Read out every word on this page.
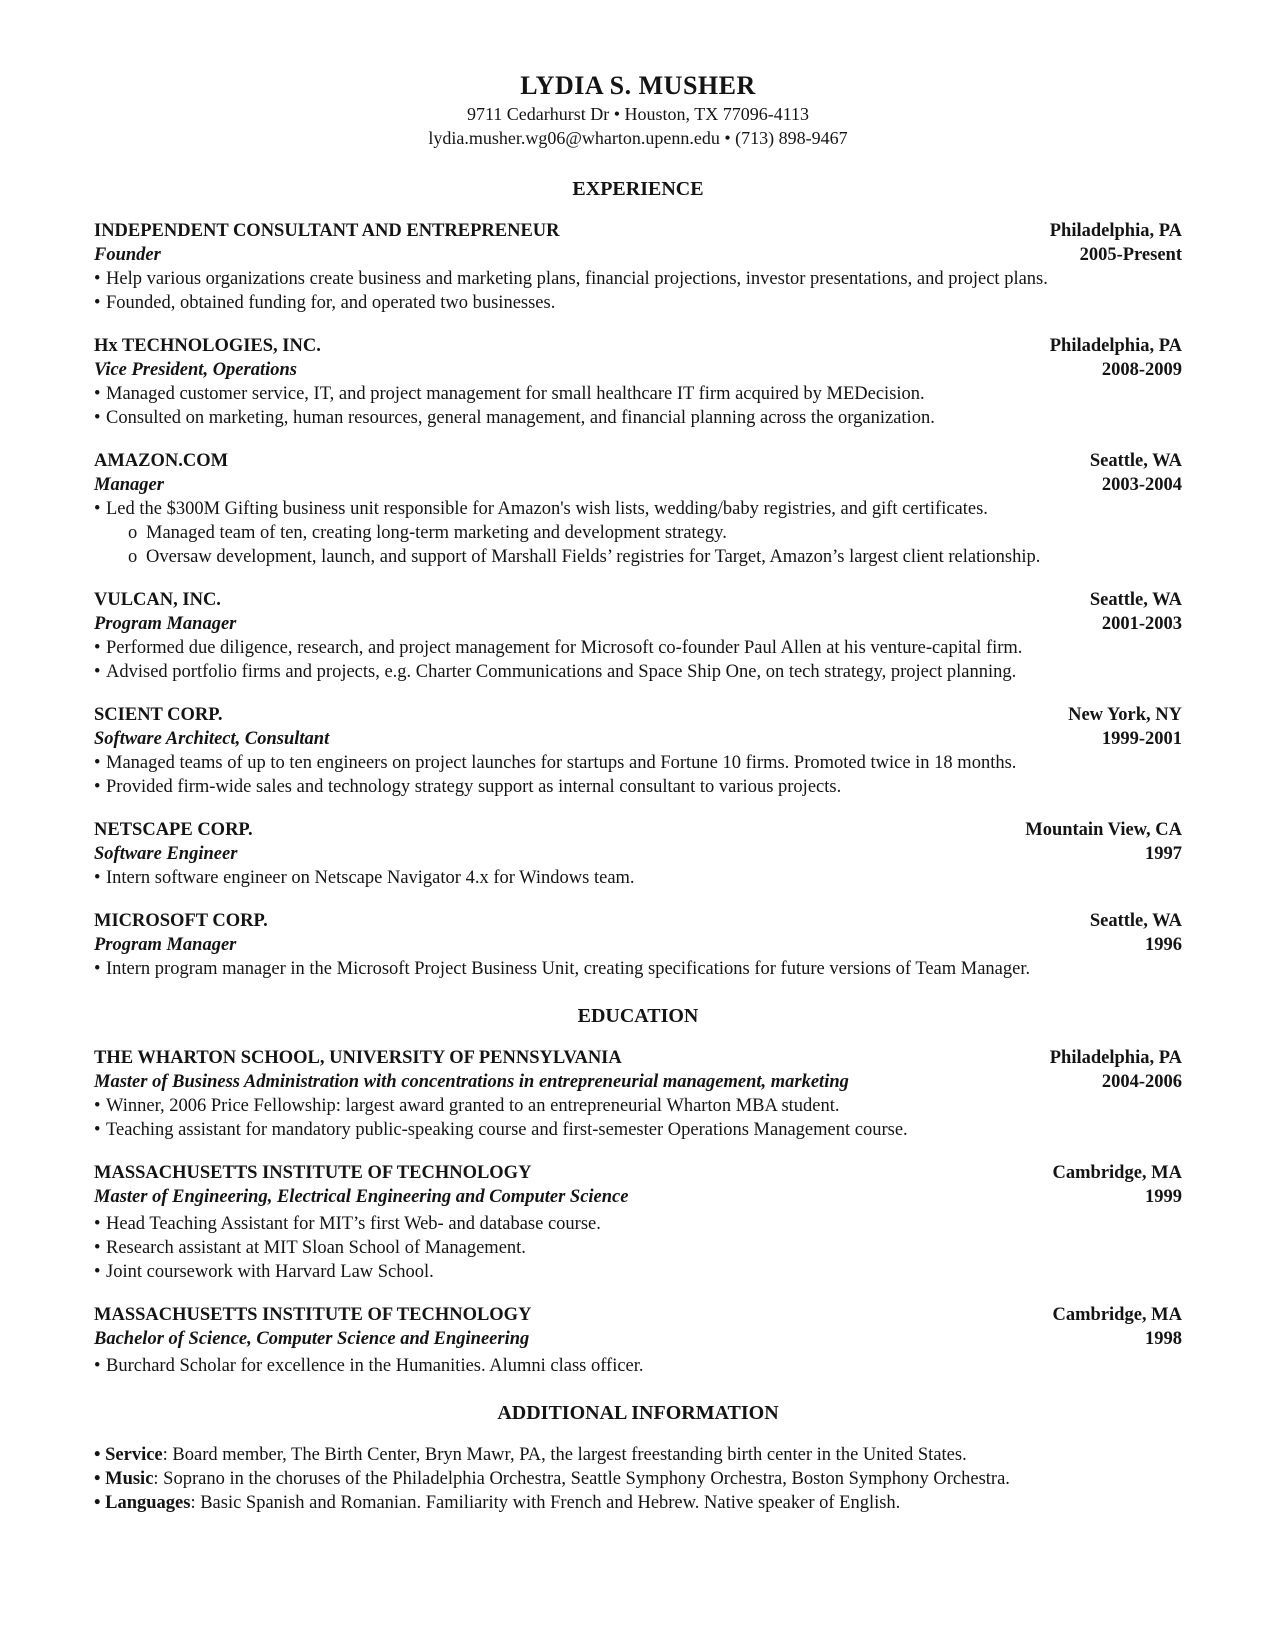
LYDIA S. MUSHER
9711 Cedarhurst Dr • Houston, TX 77096-4113
lydia.musher.wg06@wharton.upenn.edu • (713) 898-9467
EXPERIENCE
INDEPENDENT CONSULTANT AND ENTREPRENEUR	Philadelphia, PA
Founder	2005-Present
• Help various organizations create business and marketing plans, financial projections, investor presentations, and project plans.
• Founded, obtained funding for, and operated two businesses.
Hx TECHNOLOGIES, INC.	Philadelphia, PA
Vice President, Operations	2008-2009
• Managed customer service, IT, and project management for small healthcare IT firm acquired by MEDecision.
• Consulted on marketing, human resources, general management, and financial planning across the organization.
AMAZON.COM	Seattle, WA
Manager	2003-2004
• Led the $300M Gifting business unit responsible for Amazon's wish lists, wedding/baby registries, and gift certificates.
o Managed team of ten, creating long-term marketing and development strategy.
o Oversaw development, launch, and support of Marshall Fields’ registries for Target, Amazon’s largest client relationship.
VULCAN, INC.	Seattle, WA
Program Manager	2001-2003
• Performed due diligence, research, and project management for Microsoft co-founder Paul Allen at his venture-capital firm.
• Advised portfolio firms and projects, e.g. Charter Communications and Space Ship One, on tech strategy, project planning.
SCIENT CORP.	New York, NY
Software Architect, Consultant	1999-2001
• Managed teams of up to ten engineers on project launches for startups and Fortune 10 firms. Promoted twice in 18 months.
• Provided firm-wide sales and technology strategy support as internal consultant to various projects.
NETSCAPE CORP.	Mountain View, CA
Software Engineer	1997
• Intern software engineer on Netscape Navigator 4.x for Windows team.
MICROSOFT CORP.	Seattle, WA
Program Manager	1996
• Intern program manager in the Microsoft Project Business Unit, creating specifications for future versions of Team Manager.
EDUCATION
THE WHARTON SCHOOL, UNIVERSITY OF PENNSYLVANIA	Philadelphia, PA
Master of Business Administration with concentrations in entrepreneurial management, marketing	2004-2006
• Winner, 2006 Price Fellowship: largest award granted to an entrepreneurial Wharton MBA student.
• Teaching assistant for mandatory public-speaking course and first-semester Operations Management course.
MASSACHUSETTS INSTITUTE OF TECHNOLOGY	Cambridge, MA
Master of Engineering, Electrical Engineering and Computer Science	1999
• Head Teaching Assistant for MIT’s first Web- and database course.
• Research assistant at MIT Sloan School of Management.
• Joint coursework with Harvard Law School.
MASSACHUSETTS INSTITUTE OF TECHNOLOGY	Cambridge, MA
Bachelor of Science, Computer Science and Engineering	1998
• Burchard Scholar for excellence in the Humanities. Alumni class officer.
ADDITIONAL INFORMATION
• Service: Board member, The Birth Center, Bryn Mawr, PA, the largest freestanding birth center in the United States.
• Music: Soprano in the choruses of the Philadelphia Orchestra, Seattle Symphony Orchestra, Boston Symphony Orchestra.
• Languages: Basic Spanish and Romanian. Familiarity with French and Hebrew. Native speaker of English.
